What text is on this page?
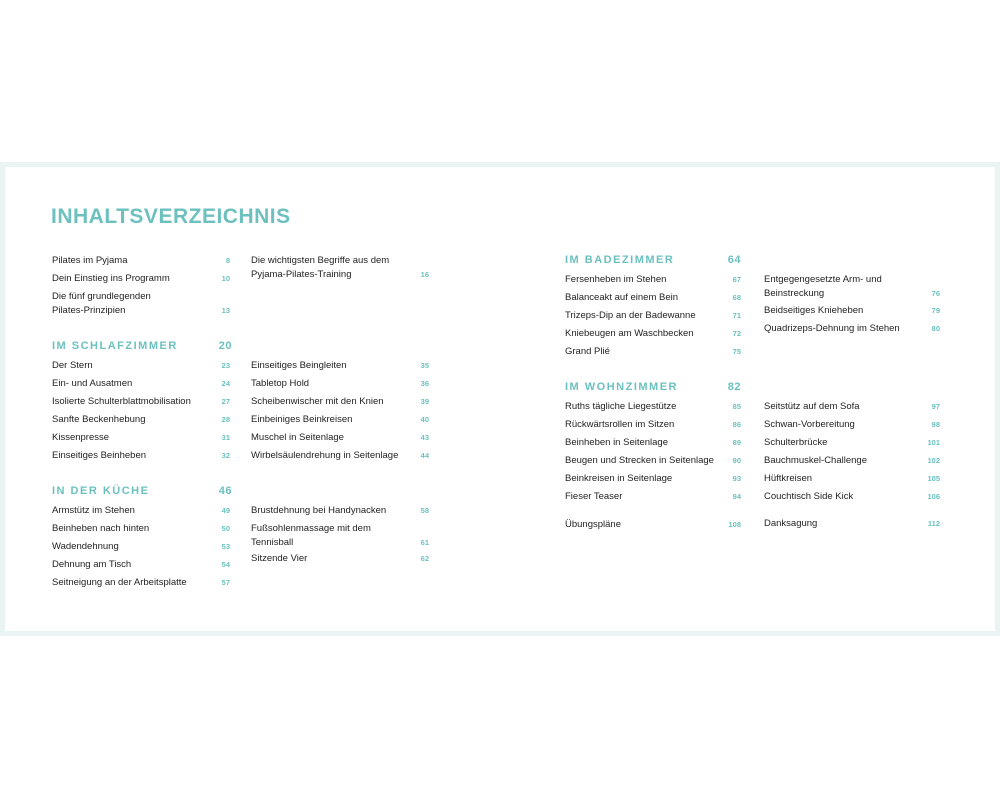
INHALTSVERZEICHNIS
Pilates im Pyjama	8
Dein Einstieg ins Programm	10
Die fünf grundlegenden
Pilates-Prinzipien	13
IM SCHLAFZIMMER	20
Der Stern	23
Ein- und Ausatmen	24
Isolierte Schulterblattmobilisation	27
Sanfte Beckenhebung	28
Kissenpresse	31
Einseitiges Beinheben	32
IN DER KÜCHE	46
Armstütz im Stehen	49
Beinheben nach hinten	50
Wadendehnung	53
Dehnung am Tisch	54
Seitneigung an der Arbeitsplatte	57
Die wichtigsten Begriffe aus dem
Pyjama-Pilates-Training	16
Einseitiges Beingleiten	35
Tabletop Hold	36
Scheibenwischer mit den Knien	39
Einbeiniges Beinkreisen	40
Muschel in Seitenlage	43
Wirbelsäulendrehung in Seitenlage	44
Brustdehnung bei Handynacken	58
Fußsohlenmassage mit dem
Tennisball	61
Sitzende Vier	62
IM BADEZIMMER	64
Fersenheben im Stehen	67
Balanceakt auf einem Bein	68
Trizeps-Dip an der Badewanne	71
Kniebeugen am Waschbecken	72
Grand Plié	75
IM WOHNZIMMER	82
Ruths tägliche Liegestütze	85
Rückwärtsrollen im Sitzen	86
Beinheben in Seitenlage	89
Beugen und Strecken in Seitenlage	90
Beinkreisen in Seitenlage	93
Fieser Teaser	94
Übungspläne	108
Entgegengesetzte Arm- und
Beinstreckung	76
Beidseitiges Knieheben	79
Quadrizeps-Dehnung im Stehen	80
Seitstütz auf dem Sofa	97
Schwan-Vorbereitung	98
Schulterbrücke	101
Bauchmuskel-Challenge	102
Hüftkreisen	105
Couchtisch Side Kick	106
Danksagung	112
